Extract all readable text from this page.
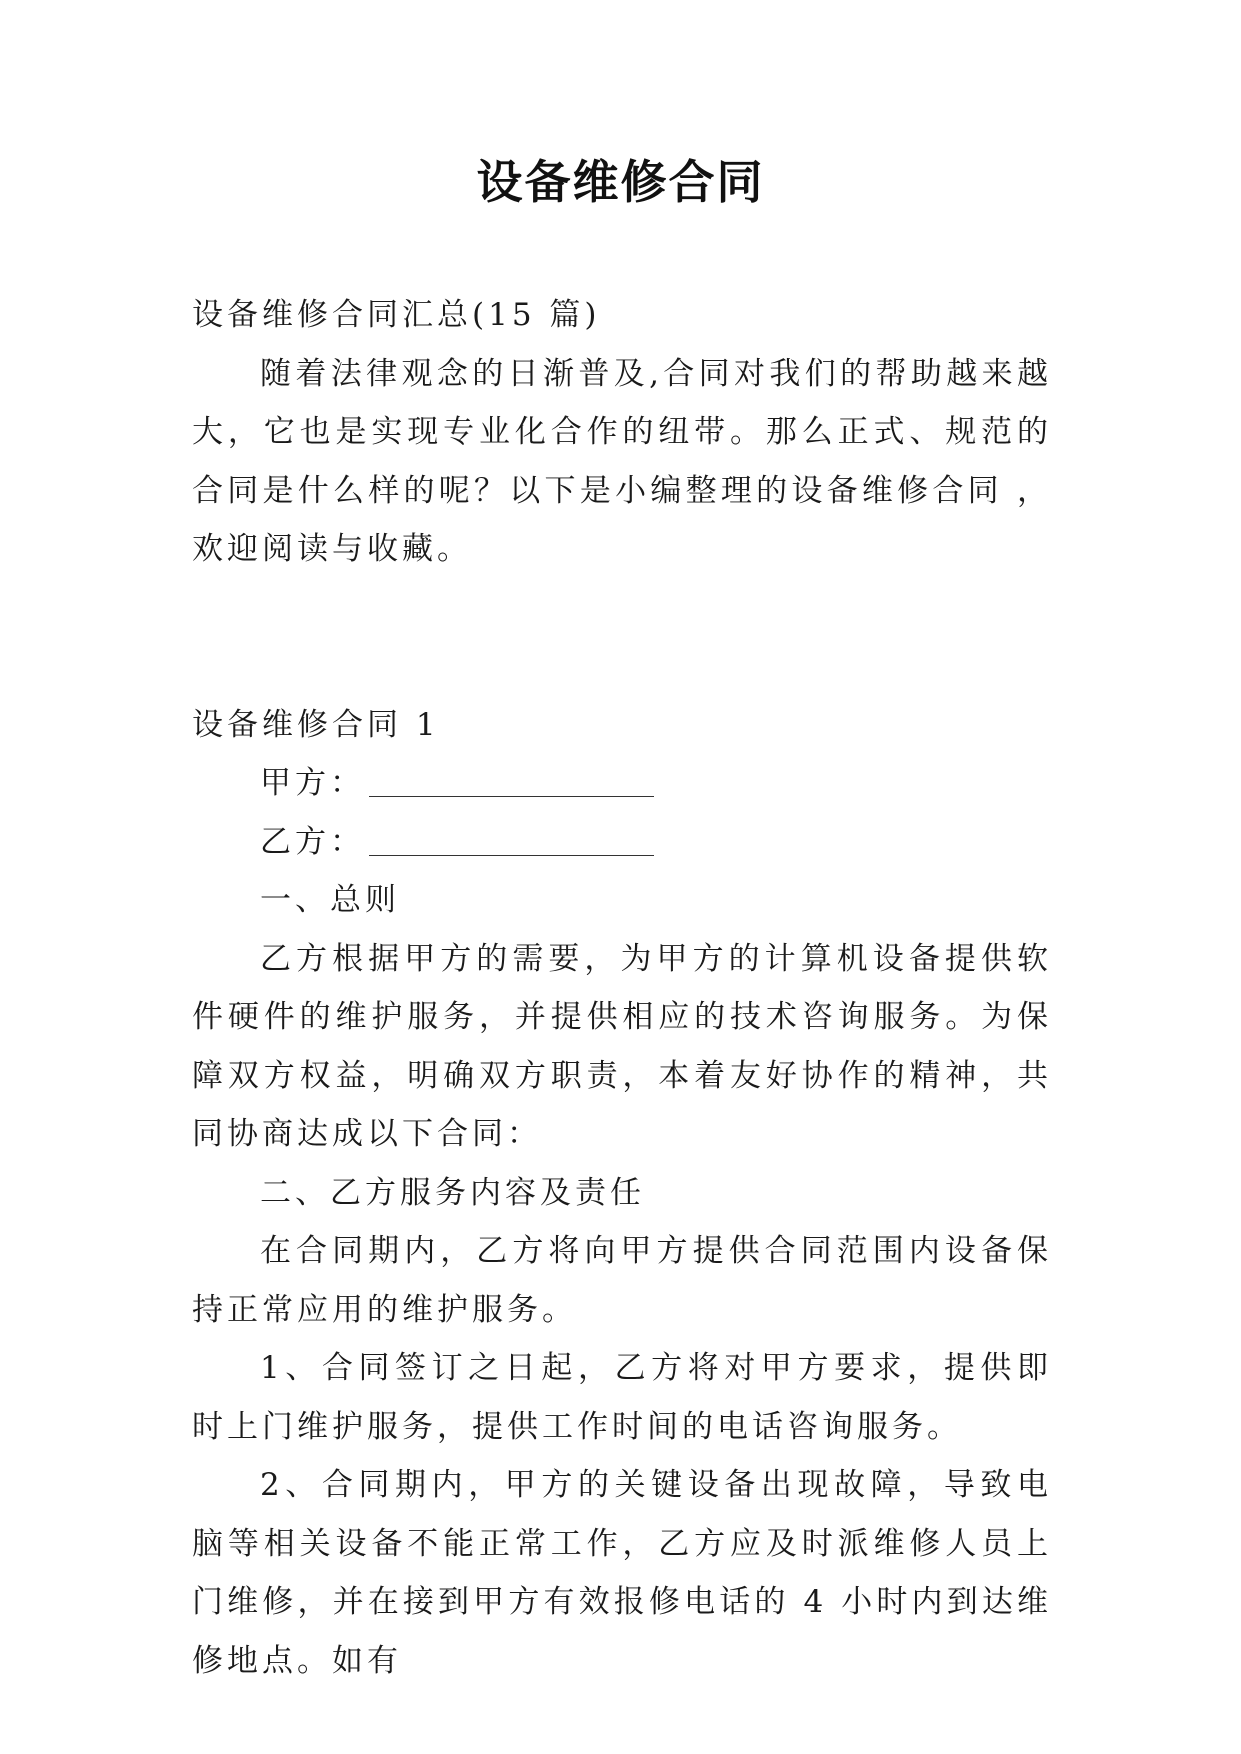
设备维修合同

设备维修合同汇总(15 篇)

随着法律观念的日渐普及,合同对我们的帮助越来越大，它也是实现专业化合作的纽带。那么正式、规范的合同是什么样的呢？以下是小编整理的设备维修合同 ，欢迎阅读与收藏。

设备维修合同 1

甲方：

乙方：

一、总则

乙方根据甲方的需要，为甲方的计算机设备提供软件硬件的维护服务，并提供相应的技术咨询服务。为保障双方权益，明确双方职责，本着友好协作的精神，共同协商达成以下合同：

二、乙方服务内容及责任

在合同期内，乙方将向甲方提供合同范围内设备保持正常应用的维护服务。

1、合同签订之日起，乙方将对甲方要求，提供即时上门维护服务，提供工作时间的电话咨询服务。

2、合同期内，甲方的关键设备出现故障，导致电脑等相关设备不能正常工作，乙方应及时派维修人员上门维修，并在接到甲方有效报修电话的 4 小时内到达维修地点。如有
